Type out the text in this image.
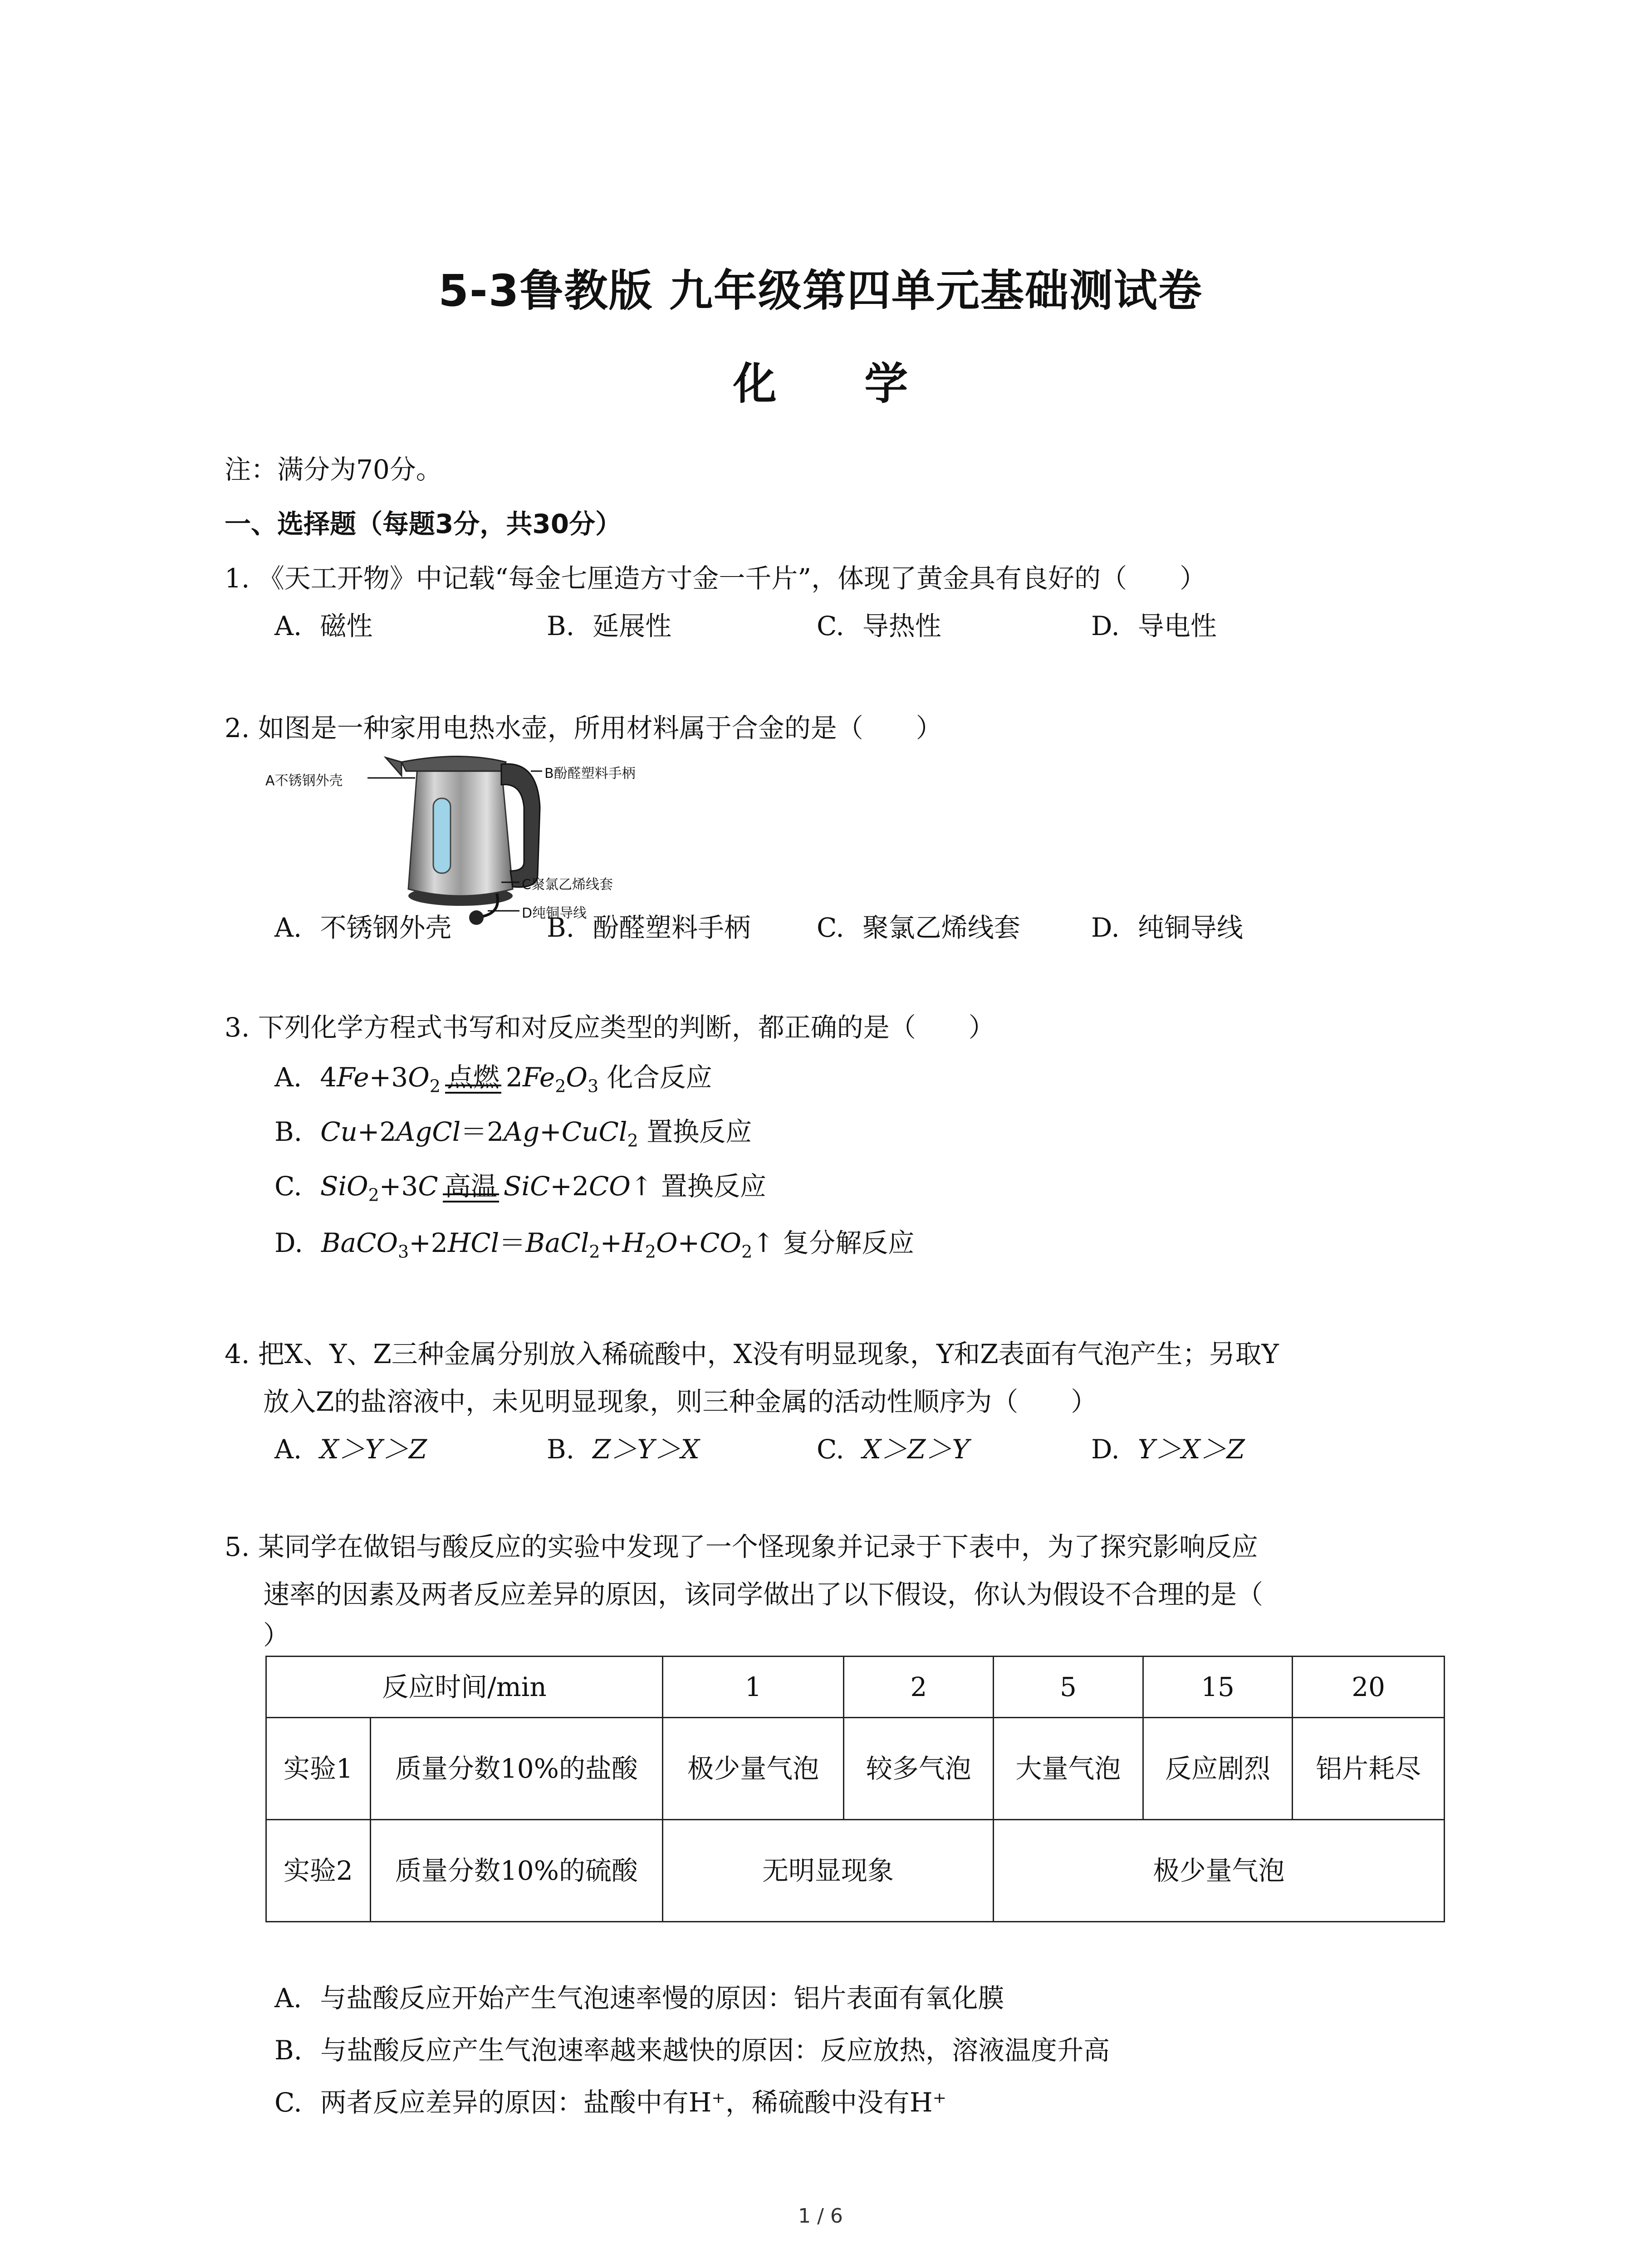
5-3鲁教版 九年级第四单元基础测试卷
化 学
注：满分为70分。
一、选择题（每题3分，共30分）
1. 《天工开物》中记载“每金七厘造方寸金一千片”，体现了黄金具有良好的（　　）
A. 磁性	B. 延展性	C. 导热性	D. 导电性
2. 如图是一种家用电热水壶，所用材料属于合金的是（　　）
A不锈钢外壳	B酚醛塑料手柄
C聚氯乙烯线套
D纯铜导线
A. 不锈钢外壳	B. 酚醛塑料手柄	C. 聚氯乙烯线套	D. 纯铜导线
3. 下列化学方程式书写和对反应类型的判断，都正确的是（　　）
A. $4Fe+3O_2$ 点燃 $2Fe_2O_3$ 化合反应
B. Cu+2AgCl＝2Ag+CuCl$_2$ 置换反应
C. SiO$_2$+3C 高温 SiC+2CO↑ 置换反应
D. $BaCO_3+2HCl=BaCl_2+H_2O+CO_2↑$ 复分解反应
4. 把X、Y、Z三种金属分别放入稀硫酸中，X没有明显现象，Y和Z表面有气泡产生；另取Y
放入Z的盐溶液中，未见明显现象，则三种金属的活动性顺序为（　　）
A. X＞Y＞Z	B. Z＞Y＞X	C. X＞Z＞Y	D. Y＞X＞Z
5. 某同学在做铝与酸反应的实验中发现了一个怪现象并记录于下表中，为了探究影响反应
速率的因素及两者反应差异的原因，该同学做出了以下假设，你认为假设不合理的是（
）
反应时间/min		1	2	5	15	20
实验1	质量分数10%的盐酸	极少量气泡	较多气泡	大量气泡	反应剧烈	铝片耗尽
实验2	质量分数10%的硫酸	无明显现象		极少量气泡		
A. 与盐酸反应开始产生气泡速率慢的原因：铝片表面有氧化膜
B. 与盐酸反应产生气泡速率越来越快的原因：反应放热，溶液温度升高
C. 两者反应差异的原因：盐酸中有H⁺，稀硫酸中没有H⁺
1 / 6
